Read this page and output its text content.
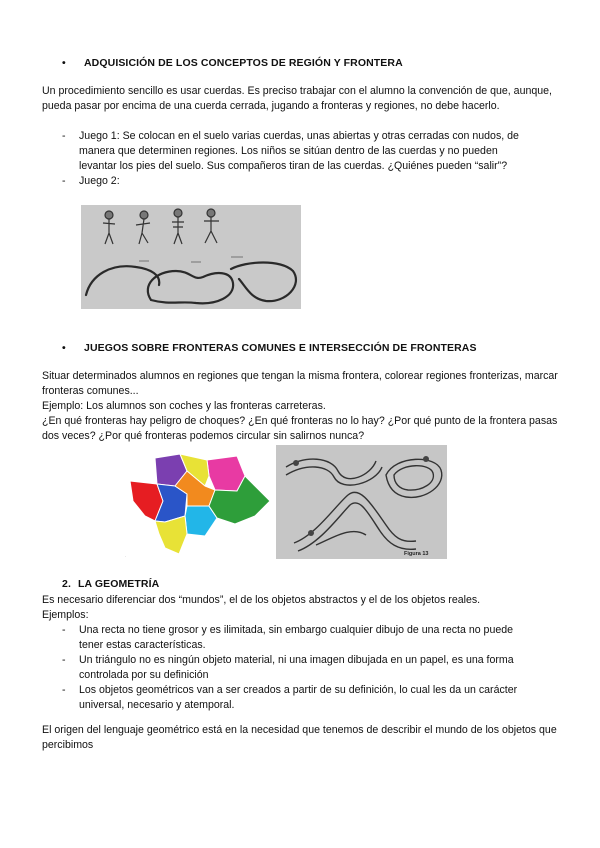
• ADQUISICIÓN DE LOS CONCEPTOS DE REGIÓN Y FRONTERA

Un procedimiento sencillo es usar cuerdas. Es preciso trabajar con el alumno la convención de que, aunque, pueda pasar por encima de una cuerda cerrada, jugando a fronteras y regiones, no debe hacerlo.

- Juego 1: Se colocan en el suelo varias cuerdas, unas abiertas y otras cerradas con nudos, de manera que determinen regiones. Los niños se sitúan dentro de las cuerdas y no pueden levantar los pies del suelo. Sus compañeros tiran de las cuerdas. ¿Quiénes pueden “salir”?
- Juego 2:
• JUEGOS SOBRE FRONTERAS COMUNES E INTERSECCIÓN DE FRONTERAS

Situar determinados alumnos en regiones que tengan la misma frontera, colorear regiones fronterizas, marcar fronteras comunes...

Ejemplo: Los alumnos son coches y las fronteras carreteras.

¿En qué fronteras hay peligro de choques? ¿En qué fronteras no lo hay? ¿Por qué punto de la frontera pasas dos veces? ¿Por qué fronteras podemos circular sin salirnos nunca?

.	Figura 13
2. LA GEOMETRÍA

Es necesario diferenciar dos “mundos”, el de los objetos abstractos y el de los objetos reales.

Ejemplos:

- Una recta no tiene grosor y es ilimitada, sin embargo cualquier dibujo de una recta no puede tener estas características.
- Un triángulo no es ningún objeto material, ni una imagen dibujada en un papel, es una forma controlada por su definición
- Los objetos geométricos van a ser creados a partir de su definición, lo cual les da un carácter universal, necesario y atemporal.

El origen del lenguaje geométrico está en la necesidad que tenemos de describir el mundo de los objetos que percibimos
